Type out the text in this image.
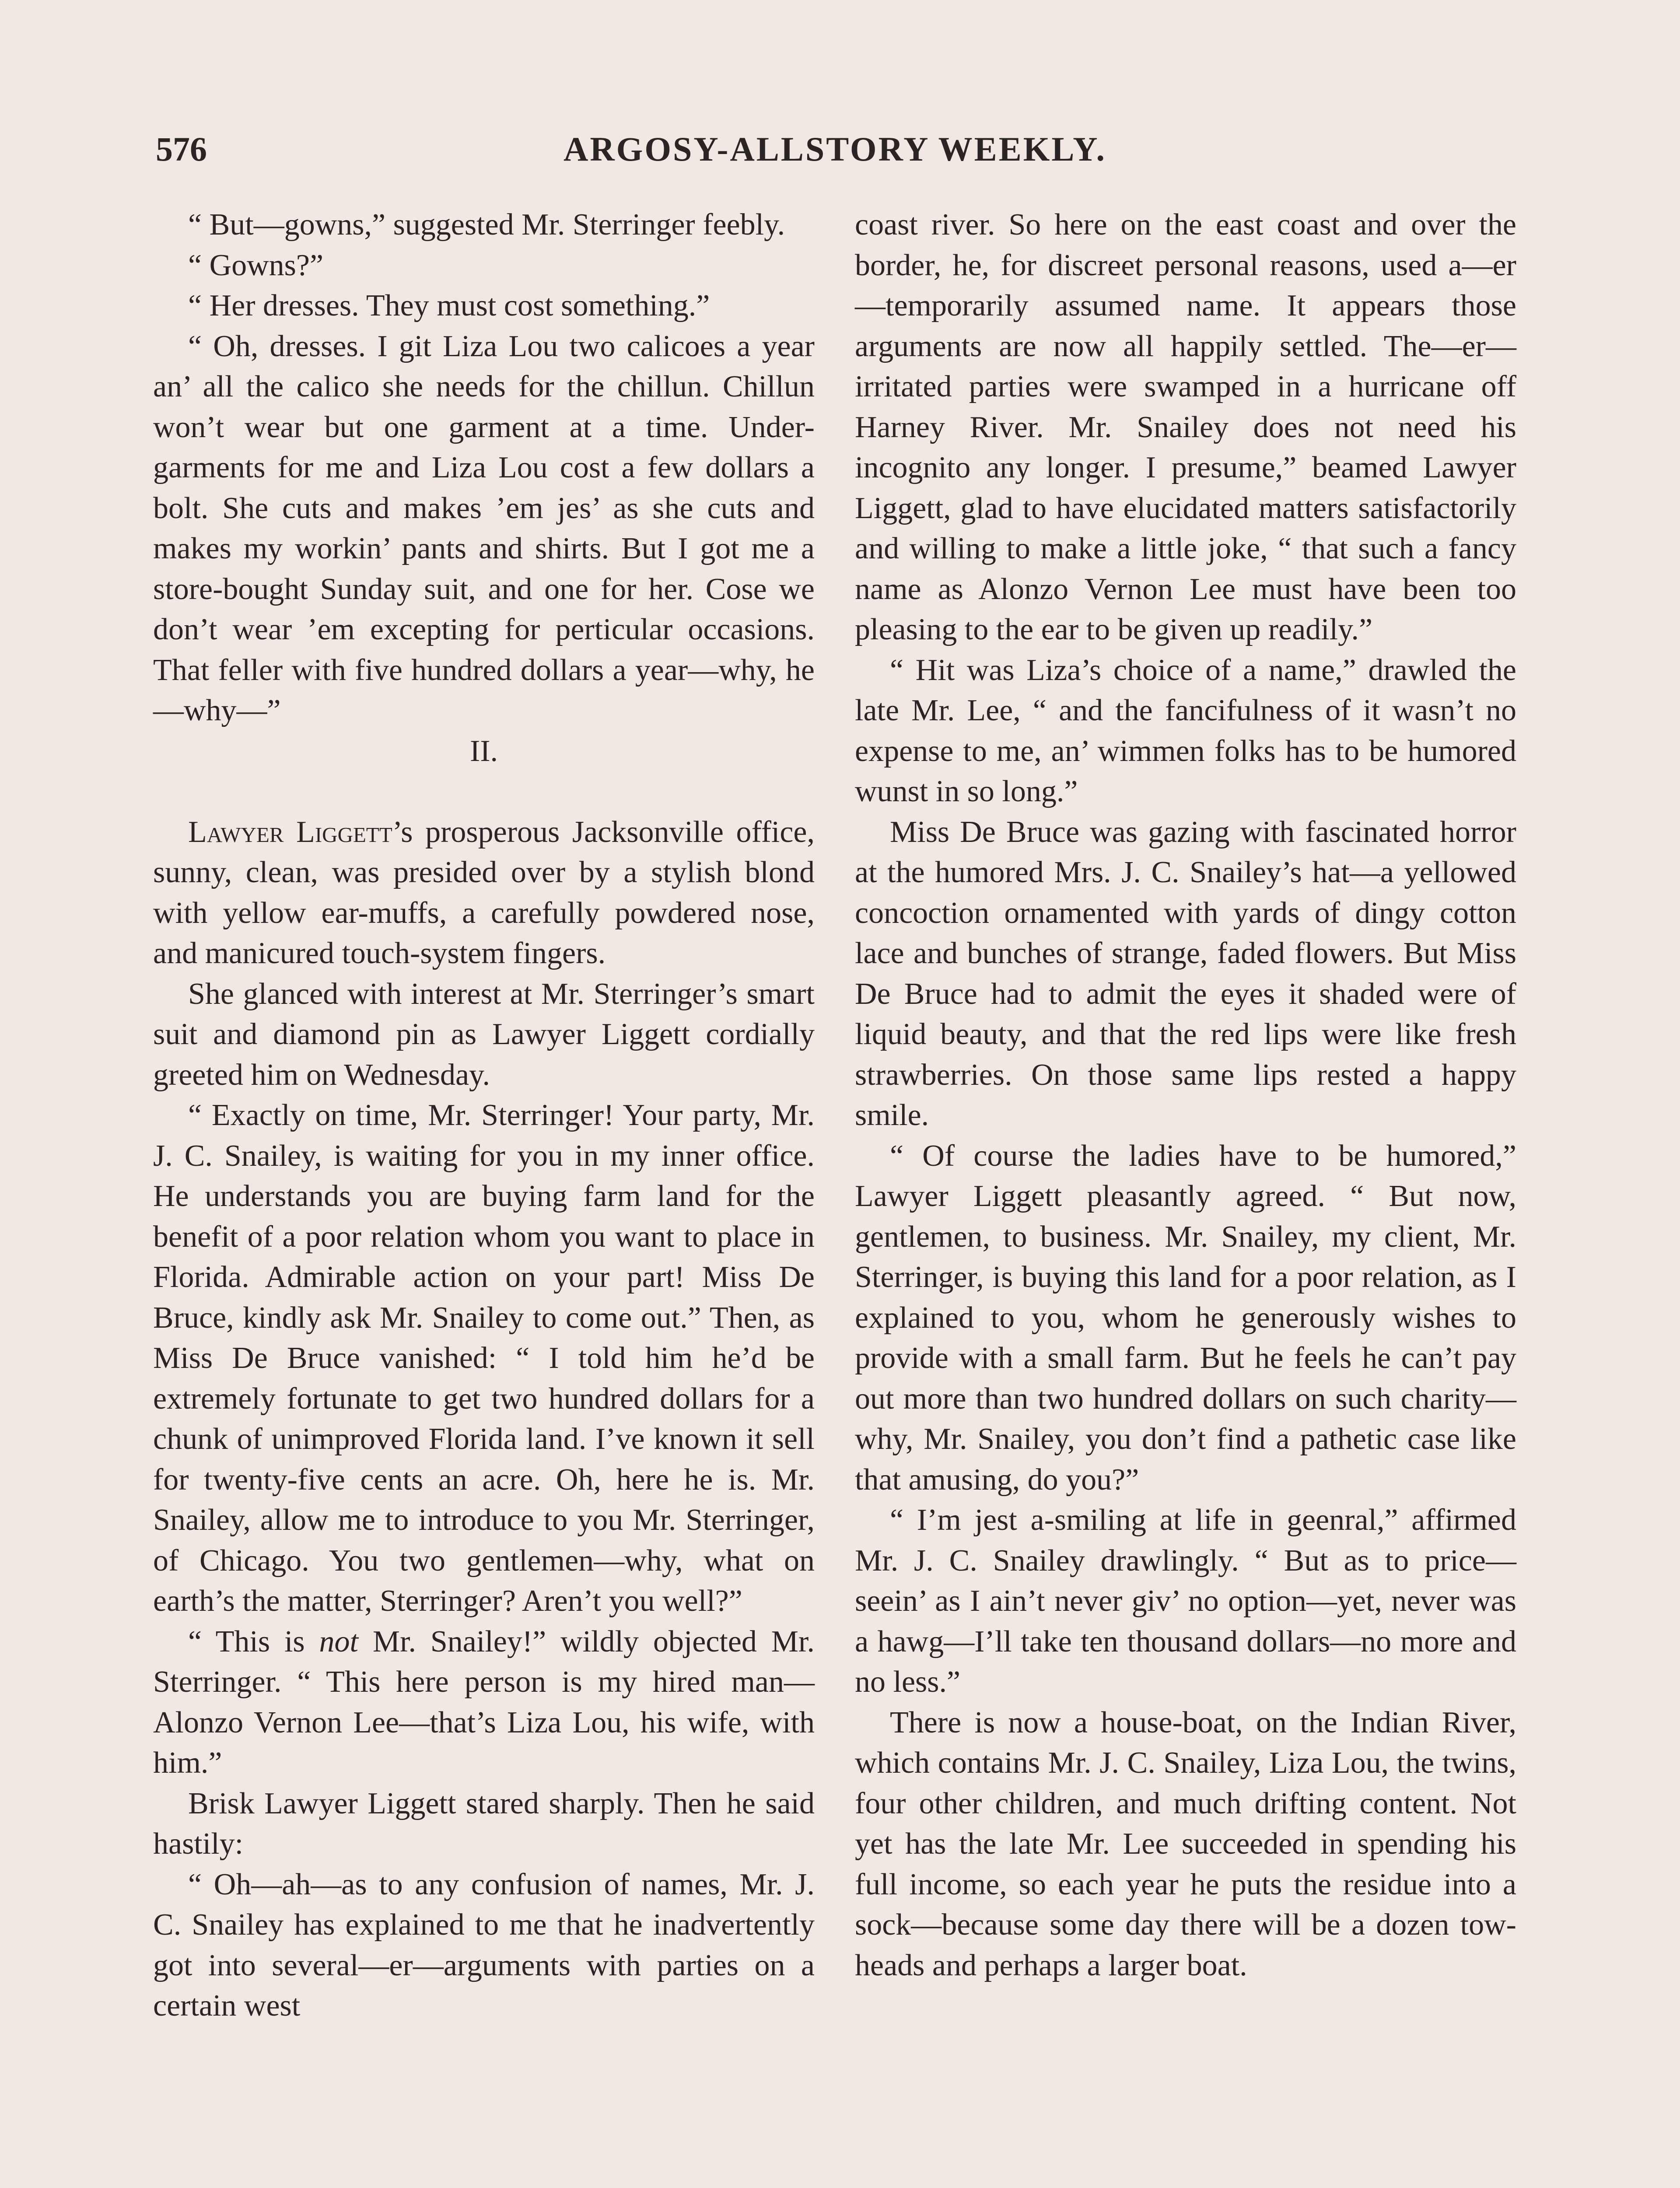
576	ARGOSY-ALLSTORY WEEKLY.

“ But—gowns,” suggested Mr. Sterringer feebly.

“ Gowns?”

“ Her dresses. They must cost something.”

“ Oh, dresses. I git Liza Lou two calicoes a year an’ all the calico she needs for the chillun. Chillun won’t wear but one garment at a time. Under-garments for me and Liza Lou cost a few dollars a bolt. She cuts and makes ’em jes’ as she cuts and makes my workin’ pants and shirts. But I got me a store-bought Sunday suit, and one for her. Cose we don’t wear ’em excepting for perticular occasions. That feller with five hundred dollars a year—why, he—why—”

II.

Lawyer Liggett’s prosperous Jacksonville office, sunny, clean, was presided over by a stylish blond with yellow ear-muffs, a carefully powdered nose, and manicured touch-system fingers.

She glanced with interest at Mr. Sterringer’s smart suit and diamond pin as Lawyer Liggett cordially greeted him on Wednesday.

“ Exactly on time, Mr. Sterringer! Your party, Mr. J. C. Snailey, is waiting for you in my inner office. He understands you are buying farm land for the benefit of a poor relation whom you want to place in Florida. Admirable action on your part! Miss De Bruce, kindly ask Mr. Snailey to come out.” Then, as Miss De Bruce vanished: “ I told him he’d be extremely fortunate to get two hundred dollars for a chunk of unimproved Florida land. I’ve known it sell for twenty-five cents an acre. Oh, here he is. Mr. Snailey, allow me to introduce to you Mr. Sterringer, of Chicago. You two gentlemen—why, what on earth’s the matter, Sterringer? Aren’t you well?”

“ This is not Mr. Snailey!” wildly objected Mr. Sterringer. “ This here person is my hired man—Alonzo Vernon Lee—that’s Liza Lou, his wife, with him.”

Brisk Lawyer Liggett stared sharply. Then he said hastily:

“ Oh—ah—as to any confusion of names, Mr. J. C. Snailey has explained to me that he inadvertently got into several—er—arguments with parties on a certain west

coast river. So here on the east coast and over the border, he, for discreet personal reasons, used a—er—temporarily assumed name. It appears those arguments are now all happily settled. The—er—irritated parties were swamped in a hurricane off Harney River. Mr. Snailey does not need his incognito any longer. I presume,” beamed Lawyer Liggett, glad to have elucidated matters satisfactorily and willing to make a little joke, “ that such a fancy name as Alonzo Vernon Lee must have been too pleasing to the ear to be given up readily.”

“ Hit was Liza’s choice of a name,” drawled the late Mr. Lee, “ and the fancifulness of it wasn’t no expense to me, an’ wimmen folks has to be humored wunst in so long.”

Miss De Bruce was gazing with fascinated horror at the humored Mrs. J. C. Snailey’s hat—a yellowed concoction ornamented with yards of dingy cotton lace and bunches of strange, faded flowers. But Miss De Bruce had to admit the eyes it shaded were of liquid beauty, and that the red lips were like fresh strawberries. On those same lips rested a happy smile.

“ Of course the ladies have to be humored,” Lawyer Liggett pleasantly agreed. “ But now, gentlemen, to business. Mr. Snailey, my client, Mr. Sterringer, is buying this land for a poor relation, as I explained to you, whom he generously wishes to provide with a small farm. But he feels he can’t pay out more than two hundred dollars on such charity—why, Mr. Snailey, you don’t find a pathetic case like that amusing, do you?”

“ I’m jest a-smiling at life in geenral,” affirmed Mr. J. C. Snailey drawlingly. “ But as to price—seein’ as I ain’t never giv’ no option—yet, never was a hawg—I’ll take ten thousand dollars—no more and no less.”

There is now a house-boat, on the Indian River, which contains Mr. J. C. Snailey, Liza Lou, the twins, four other children, and much drifting content. Not yet has the late Mr. Lee succeeded in spending his full income, so each year he puts the residue into a sock—because some day there will be a dozen tow-heads and perhaps a larger boat.
